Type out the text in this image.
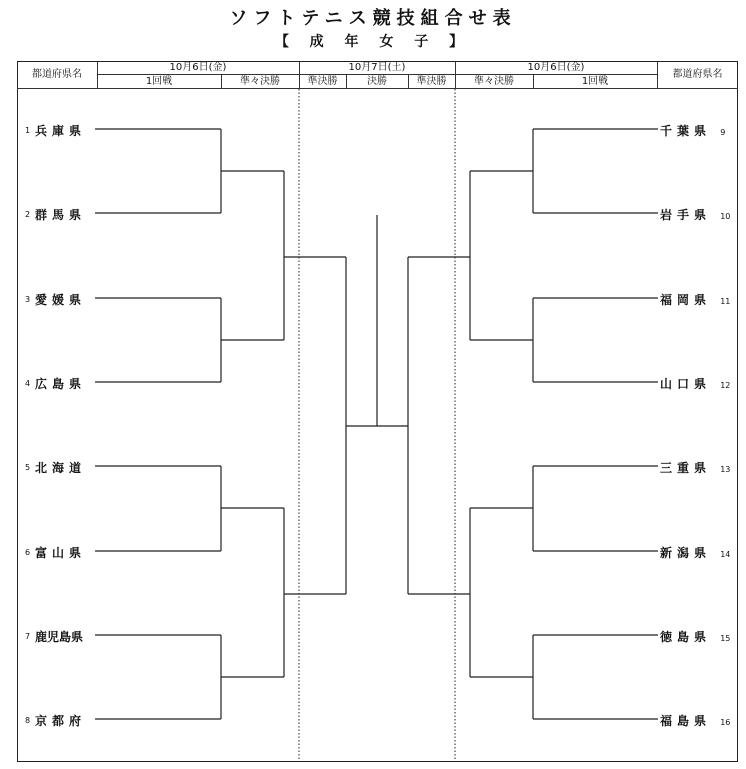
ソフトテニス競技組合せ表
【 成 年 女 子 】
都道府県名
10月6日(金)	10月7日(土)	10月6日(金)
都道府県名
1回戦	準々決勝	準決勝	決勝	準決勝	準々決勝	1回戦
1 兵庫県
2 群馬県
3 愛媛県
4 広島県
5 北海道
6 富山県
7 鹿児島県
8 京都府
千葉県 9
岩手県 10
福岡県 11
山口県 12
三重県 13
新潟県 14
徳島県 15
福島県 16
